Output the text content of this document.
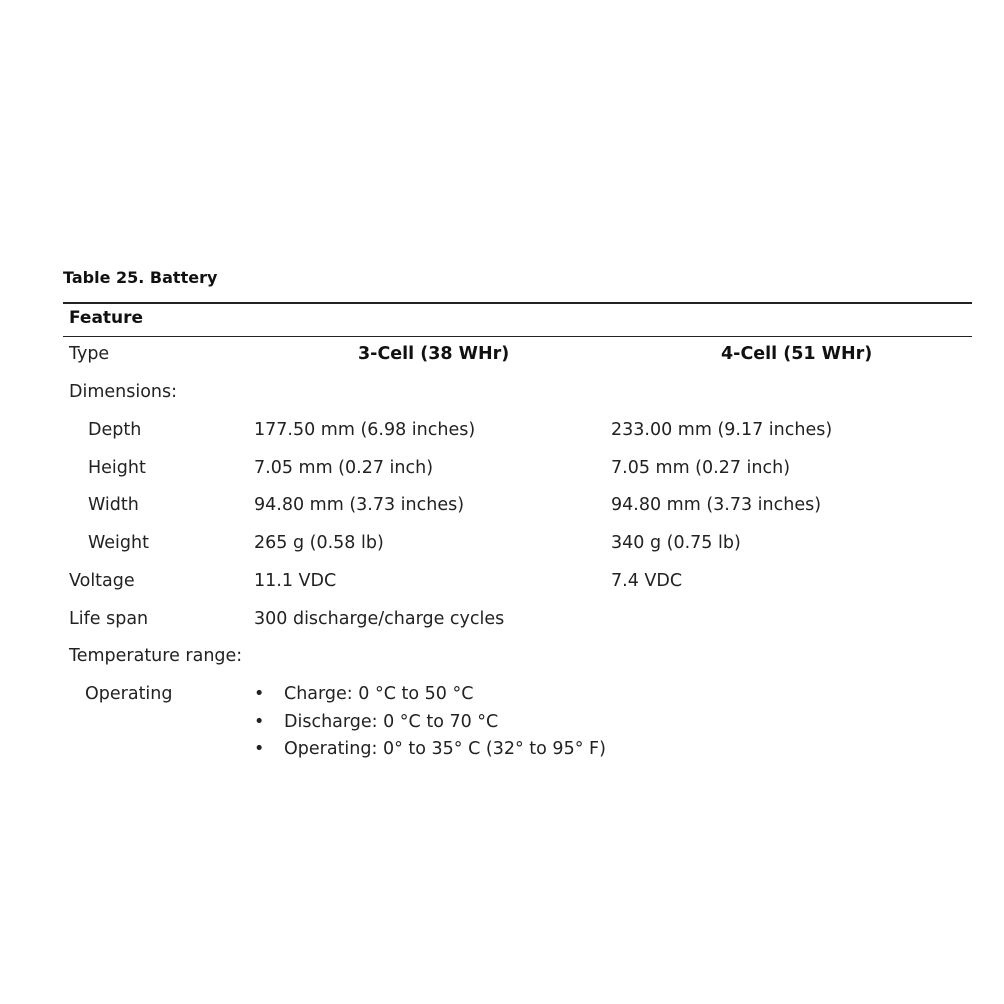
Table 25. Battery
Feature
Type	3-Cell (38 WHr)	4-Cell (51 WHr)
Dimensions:
Depth	177.50 mm (6.98 inches)	233.00 mm (9.17 inches)
Height	7.05 mm (0.27 inch)	7.05 mm (0.27 inch)
Width	94.80 mm (3.73 inches)	94.80 mm (3.73 inches)
Weight	265 g (0.58 lb)	340 g (0.75 lb)
Voltage	11.1 VDC	7.4 VDC
Life span	300 discharge/charge cycles
Temperature range:
Operating	• Charge: 0 °C to 50 °C
• Discharge: 0 °C to 70 °C
• Operating: 0° to 35° C (32° to 95° F)
